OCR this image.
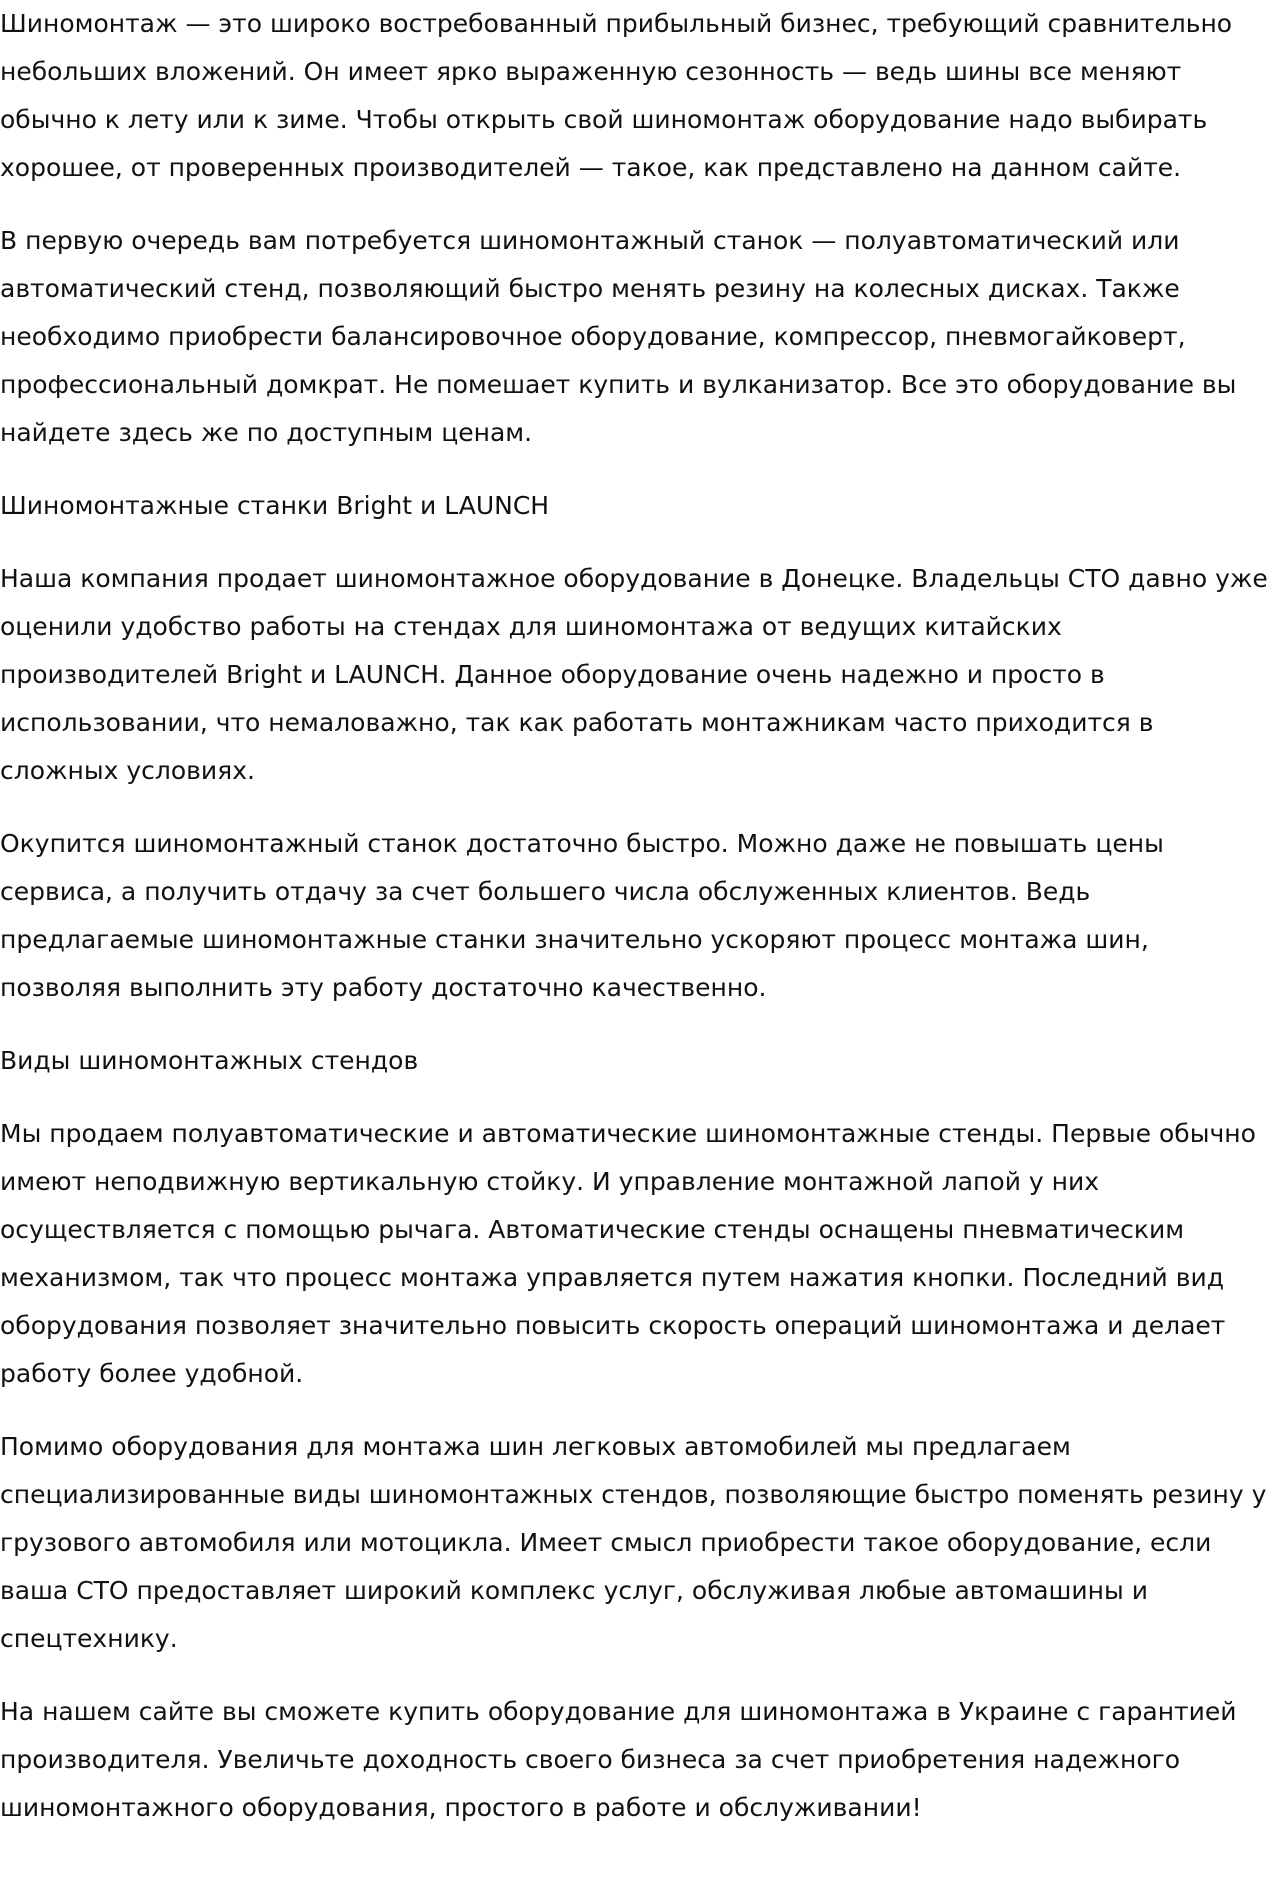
Шиномонтаж — это широко востребованный прибыльный бизнес, требующий сравнительно небольших вложений. Он имеет ярко выраженную сезонность — ведь шины все меняют обычно к лету или к зиме. Чтобы открыть свой шиномонтаж оборудование надо выбирать хорошее, от проверенных производителей — такое, как представлено на данном сайте.

В первую очередь вам потребуется шиномонтажный станок — полуавтоматический или автоматический стенд, позволяющий быстро менять резину на колесных дисках. Также необходимо приобрести балансировочное оборудование, компрессор, пневмогайковерт, профессиональный домкрат. Не помешает купить и вулканизатор. Все это оборудование вы найдете здесь же по доступным ценам.

Шиномонтажные станки Bright и LAUNCH

Наша компания продает шиномонтажное оборудование в Донецке. Владельцы СТО давно уже оценили удобство работы на стендах для шиномонтажа от ведущих китайских производителей Bright и LAUNCH. Данное оборудование очень надежно и просто в использовании, что немаловажно, так как работать монтажникам часто приходится в сложных условиях.

Окупится шиномонтажный станок достаточно быстро. Можно даже не повышать цены сервиса, а получить отдачу за счет большего числа обслуженных клиентов. Ведь предлагаемые шиномонтажные станки значительно ускоряют процесс монтажа шин, позволяя выполнить эту работу достаточно качественно.

Виды шиномонтажных стендов

Мы продаем полуавтоматические и автоматические шиномонтажные стенды. Первые обычно имеют неподвижную вертикальную стойку. И управление монтажной лапой у них осуществляется с помощью рычага. Автоматические стенды оснащены пневматическим механизмом, так что процесс монтажа управляется путем нажатия кнопки. Последний вид оборудования позволяет значительно повысить скорость операций шиномонтажа и делает работу более удобной.

Помимо оборудования для монтажа шин легковых автомобилей мы предлагаем специализированные виды шиномонтажных стендов, позволяющие быстро поменять резину у грузового автомобиля или мотоцикла. Имеет смысл приобрести такое оборудование, если ваша СТО предоставляет широкий комплекс услуг, обслуживая любые автомашины и спецтехнику.

На нашем сайте вы сможете купить оборудование для шиномонтажа в Украине с гарантией производителя. Увеличьте доходность своего бизнеса за счет приобретения надежного шиномонтажного оборудования, простого в работе и обслуживании!
